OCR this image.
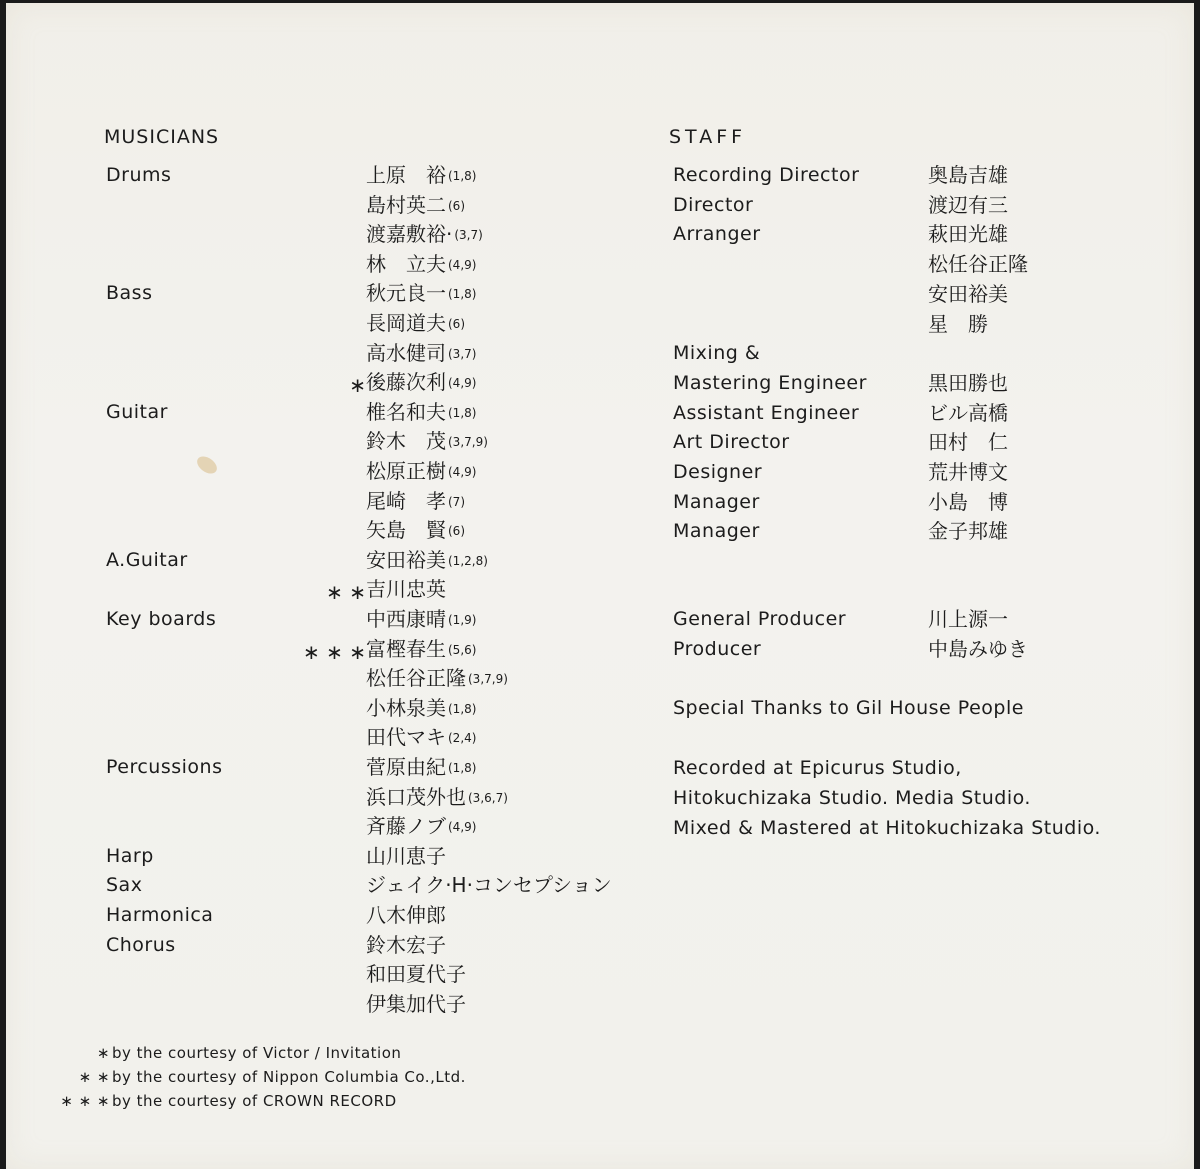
MUSICIANS
Drums	上原　裕 (1,8)
島村英二 (6)
渡嘉敷裕· (3,7)
林　立夫 (4,9)
Bass	秋元良一 (1,8)
長岡道夫 (6)
高水健司 (3,7)
∗ 後藤次利 (4,9)
Guitar	椎名和夫 (1,8)
鈴木　茂 (3,7,9)
松原正樹 (4,9)
尾崎　孝 (7)
矢島　賢 (6)
A.Guitar	安田裕美 (1,2,8)
∗ ∗ 吉川忠英
Key boards	中西康晴 (1,9)
∗ ∗ ∗ 富樫春生 (5,6)
松任谷正隆 (3,7,9)
小林泉美 (1,8)
田代マキ (2,4)
Percussions	菅原由紀 (1,8)
浜口茂外也 (3,6,7)
斉藤ノブ (4,9)
Harp	山川恵子
Sax	ジェイク·H·コンセプション
Harmonica	八木伸郎
Chorus	鈴木宏子
和田夏代子
伊集加代子
∗ by the courtesy of Victor / Invitation
∗ ∗ by the courtesy of Nippon Columbia Co.,Ltd.
∗ ∗ ∗ by the courtesy of CROWN RECORD
STAFF
Recording Director	奥島吉雄
Director	渡辺有三
Arranger	萩田光雄
松任谷正隆
安田裕美
星　勝
Mixing &
Mastering Engineer	黒田勝也
Assistant Engineer	ビル高橋
Art Director	田村　仁
Designer	荒井博文
Manager	小島　博
Manager	金子邦雄
General Producer	川上源一
Producer	中島みゆき
Special Thanks to Gil House People
Recorded at Epicurus Studio,
Hitokuchizaka Studio. Media Studio.
Mixed & Mastered at Hitokuchizaka Studio.
